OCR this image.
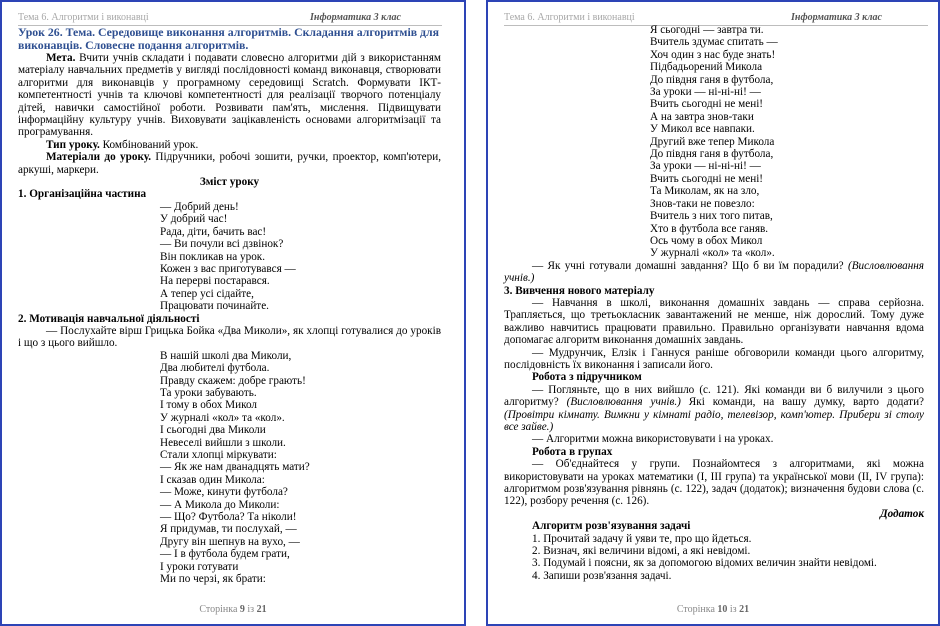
Тема 6. Алгоритми і виконавці	Інформатика 3 клас
Урок 26. Тема. Середовище виконання алгоритмів. Складання алгоритмів для виконавців. Словесне подання алгоритмів.
Мета. Вчити учнів складати і подавати словесно алгоритми дій з використанням матеріалу навчальних предметів у вигляді послідовності команд виконавця, створювати алгоритми для виконавців у програмному середовищі Scratch. Формувати ІКТ-компетентності учнів та ключові компетентності для реалізації творчого потенціалу дітей, навички самостійної роботи. Розвивати пам'ять, мислення. Підвищувати інформаційну культуру учнів. Виховувати зацікавленість основами алгоритмізації та програмування.
Тип уроку. Комбінований урок.
Матеріали до уроку. Підручники, робочі зошити, ручки, проектор, комп'ютери, аркуші, маркери.
Зміст уроку
1. Організаційна частина
— Добрий день!
У добрий час!
Рада, діти, бачить вас!
— Ви почули всі дзвінок?
Він покликав на урок.
Кожен з вас приготувався —
На перерві постарався.
А тепер усі сідайте,
Працювати починайте.
2. Мотивація навчальної діяльності
— Послухайте вірш Грицька Бойка «Два Миколи», як хлопці готувалися до уроків і що з цього вийшло.
В нашій школі два Миколи,
Два любителі футбола.
Правду скажем: добре грають!
Та уроки забувають.
І тому в обох Микол
У журналі «кол» та «кол».
І сьогодні два Миколи
Невеселі вийшли з школи.
Стали хлопці міркувати:
— Як же нам дванадцять мати?
І сказав один Микола:
— Може, кинути футбола?
— А Микола до Миколи:
— Що? Футбола? Та ніколи!
Я придумав, ти послухай, —
Другу він шепнув на вухо, —
— І в футбола будем грати,
І уроки готувати
Ми по черзі, як брати:
Сторінка 9 із 21
Тема 6. Алгоритми і виконавці	Інформатика 3 клас
Я сьогодні — завтра ти.
Вчитель здумає спитать —
Хоч один з нас буде знать!
Підбадьорений Микола
До півдня ганя в футбола,
За уроки — ні-ні-ні! —
Вчить сьогодні не мені!
А на завтра знов-таки
У Микол все навпаки.
Другий вже тепер Микола
До півдня ганя в футбола,
За уроки — ні-ні-ні! —
Вчить сьогодні не мені!
Та Миколам, як на зло,
Знов-таки не повезло:
Вчитель з них того питав,
Хто в футбола все ганяв.
Ось чому в обох Микол
У журналі «кол» та «кол».
— Як учні готували домашні завдання? Що б ви їм порадили? (Висловлювання учнів.)
3. Вивчення нового матеріалу
— Навчання в школі, виконання домашніх завдань — справа серйозна. Трапляється, що третьокласник завантажений не менше, ніж дорослий. Тому дуже важливо навчитись працювати правильно. Правильно організувати навчання вдома допомагає алгоритм виконання домашніх завдань.
— Мудрунчик, Елзік і Ганнуся раніше обговорили команди цього алгоритму, послідовність їх виконання і записали його.
Робота з підручником
— Погляньте, що в них вийшло (с. 121). Які команди ви б вилучили з цього алгоритму? (Висловлювання учнів.) Які команди, на вашу думку, варто додати? (Провітри кімнату. Вимкни у кімнаті радіо, телевізор, комп'ютер. Прибери зі столу все зайве.)
— Алгоритми можна використовувати і на уроках.
Робота в групах
— Об'єднайтеся у групи. Познайомтеся з алгоритмами, які можна використовувати на уроках математики (І, ІІІ група) та української мови (ІІ, IV група): алгоритмом розв'язування рівнянь (с. 122), задач (додаток); визначення будови слова (с. 122), розбору речення (с. 126).
Додаток
Алгоритм розв'язування задачі
1. Прочитай задачу й уяви те, про що йдеться.
2. Визнач, які величини відомі, а які невідомі.
3. Подумай і поясни, як за допомогою відомих величин знайти невідомі.
4. Запиши розв'язання задачі.
Сторінка 10 із 21
